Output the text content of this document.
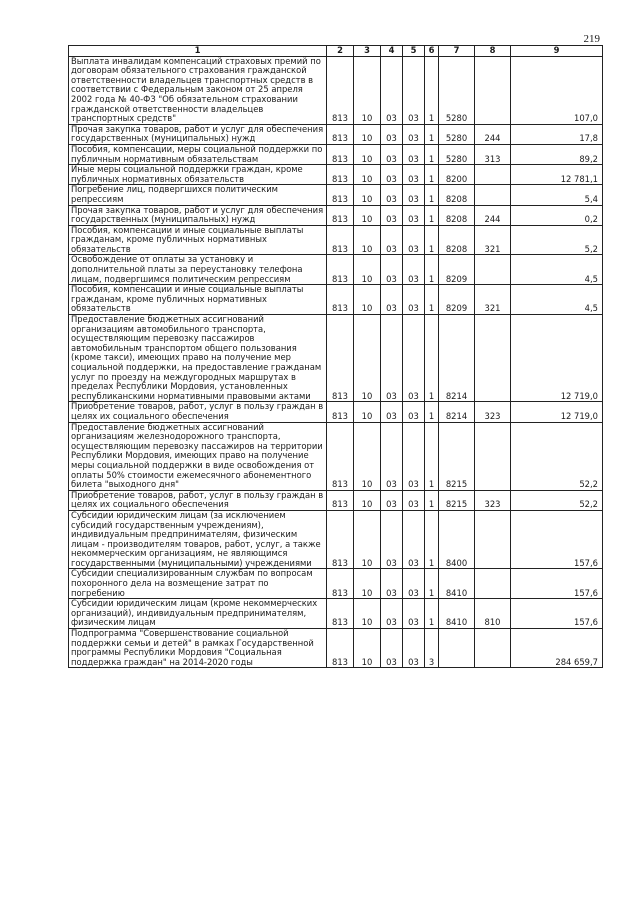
219
1	2	3	4	5	6	7	8	9
Выплата инвалидам компенсаций страховых премий по договорам обязательного страхования гражданской ответственности владельцев транспортных средств в соответствии с Федеральным законом от 25 апреля 2002 года № 40-ФЗ "Об обязательном страховании гражданской ответственности владельцев транспортных средств"	813	10	03	03	1	5280		107,0
Прочая закупка товаров, работ и услуг для обеспечения государственных (муниципальных) нужд	813	10	03	03	1	5280	244	17,8
Пособия, компенсации, меры социальной поддержки по публичным нормативным обязательствам	813	10	03	03	1	5280	313	89,2
Иные меры социальной поддержки граждан, кроме публичных нормативных обязательств	813	10	03	03	1	8200		12 781,1
Погребение лиц, подвергшихся политическим репрессиям	813	10	03	03	1	8208		5,4
Прочая закупка товаров, работ и услуг для обеспечения государственных (муниципальных) нужд	813	10	03	03	1	8208	244	0,2
Пособия, компенсации и иные социальные выплаты гражданам, кроме публичных нормативных обязательств	813	10	03	03	1	8208	321	5,2
Освобождение от оплаты за установку и дополнительной платы за переустановку телефона лицам, подвергшимся политическим репрессиям	813	10	03	03	1	8209		4,5
Пособия, компенсации и иные социальные выплаты гражданам, кроме публичных нормативных обязательств	813	10	03	03	1	8209	321	4,5
Предоставление бюджетных ассигнований организациям автомобильного транспорта, осуществляющим перевозку пассажиров автомобильным транспортом общего пользования (кроме такси), имеющих право на получение мер социальной поддержки, на предоставление гражданам услуг по проезду на междугородных маршрутах в пределах Республики Мордовия, установленных республиканскими нормативными правовыми актами	813	10	03	03	1	8214		12 719,0
Приобретение товаров, работ, услуг в пользу граждан в целях их социального обеспечения	813	10	03	03	1	8214	323	12 719,0
Предоставление бюджетных ассигнований организациям железнодорожного транспорта, осуществляющим перевозку пассажиров на территории Республики Мордовия, имеющих право на получение меры социальной поддержки в виде освобождения от оплаты 50% стоимости ежемесячного абонементного билета "выходного дня"	813	10	03	03	1	8215		52,2
Приобретение товаров, работ, услуг в пользу граждан в целях их социального обеспечения	813	10	03	03	1	8215	323	52,2
Субсидии юридическим лицам (за исключением субсидий государственным учреждениям), индивидуальным предпринимателям, физическим лицам - производителям товаров, работ, услуг, а также некоммерческим организациям, не являющимся государственными (муниципальными) учреждениями	813	10	03	03	1	8400		157,6
Субсидии специализированным службам по вопросам похоронного дела на возмещение затрат по погребению	813	10	03	03	1	8410		157,6
Субсидии юридическим лицам (кроме некоммерческих организаций), индивидуальным предпринимателям, физическим лицам	813	10	03	03	1	8410	810	157,6
Подпрограмма "Совершенствование социальной поддержки семьи и детей" в рамках Государственной программы Республики Мордовия "Социальная поддержка граждан" на 2014-2020 годы	813	10	03	03	3			284 659,7
